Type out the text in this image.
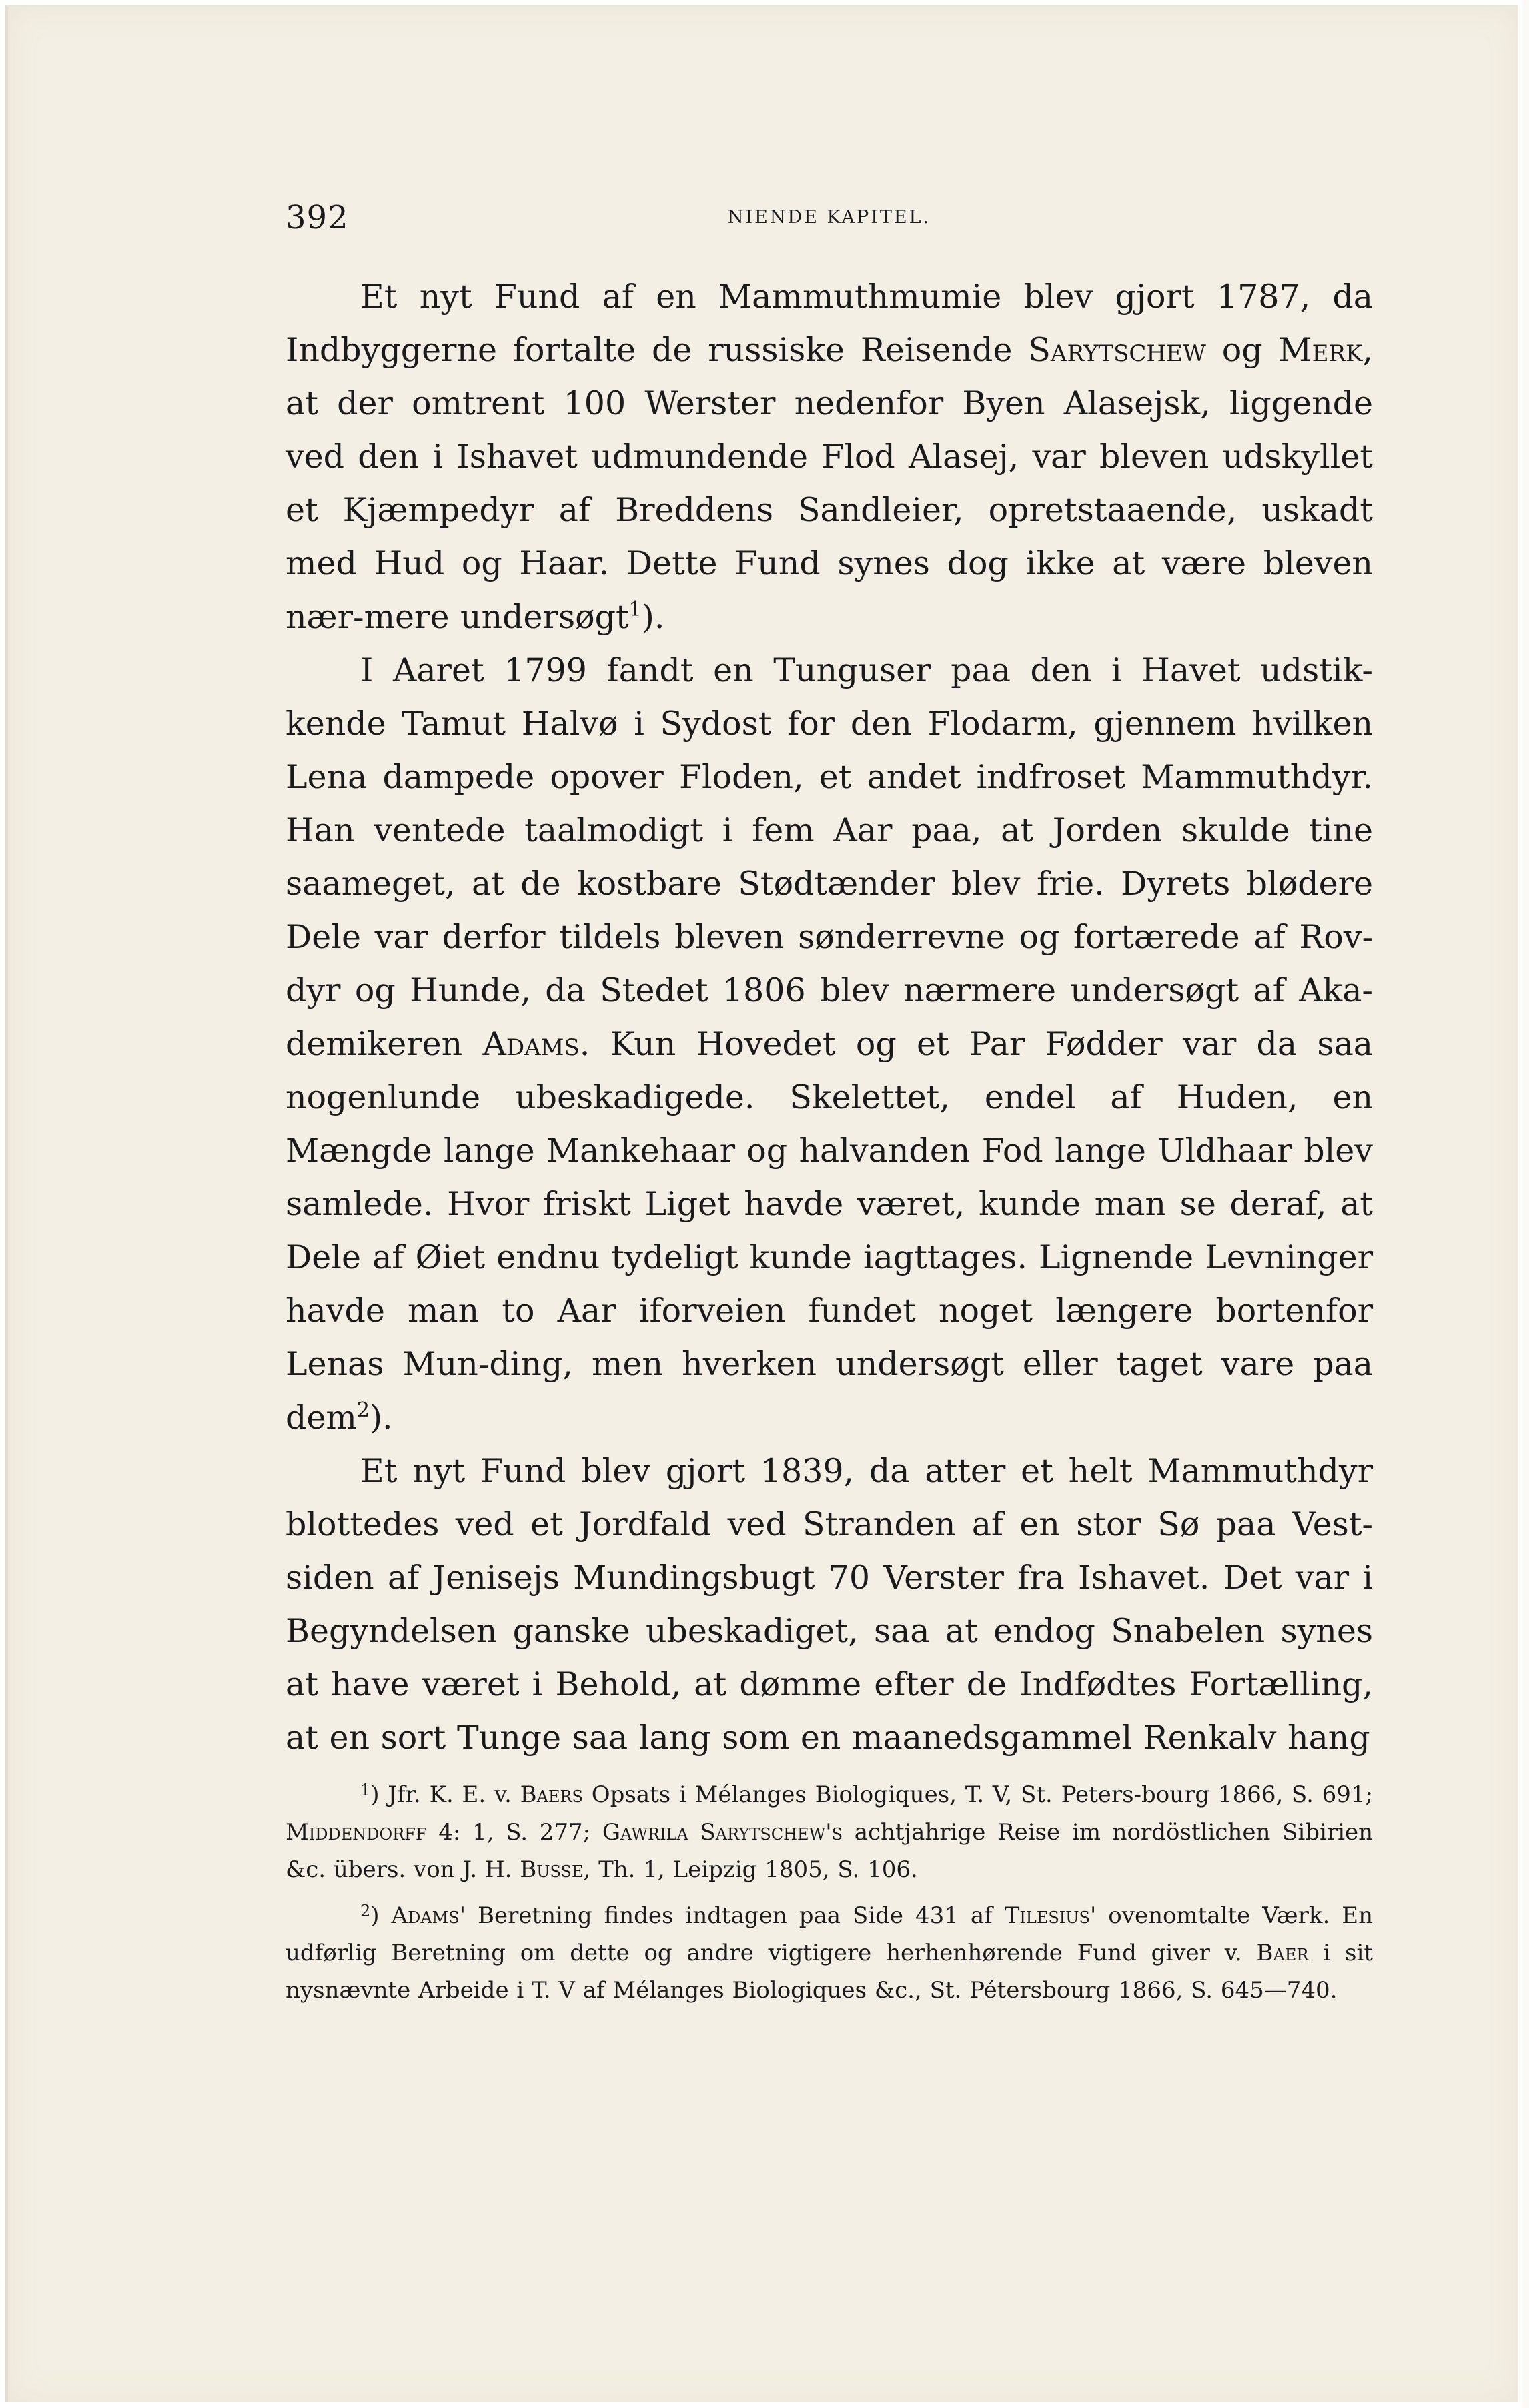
392	NIENDE KAPITEL.

Et nyt Fund af en Mammuthmumie blev gjort 1787, da Indbyggerne fortalte de russiske Reisende Sarytschew og Merk, at der omtrent 100 Werster nedenfor Byen Alasejsk, liggende ved den i Ishavet udmundende Flod Alasej, var bleven udskyllet et Kjæmpedyr af Breddens Sandleier, opretstaaende, uskadt med Hud og Haar. Dette Fund synes dog ikke at være bleven nær-mere undersøgt$^1$).

I Aaret 1799 fandt en Tunguser paa den i Havet udstik-kende Tamut Halvø i Sydost for den Flodarm, gjennem hvilken Lena dampede opover Floden, et andet indfroset Mammuthdyr. Han ventede taalmodigt i fem Aar paa, at Jorden skulde tine saameget, at de kostbare Stødtænder blev frie. Dyrets blødere Dele var derfor tildels bleven sønderrevne og fortærede af Rov-dyr og Hunde, da Stedet 1806 blev nærmere undersøgt af Aka-demikeren Adams. Kun Hovedet og et Par Fødder var da saa nogenlunde ubeskadigede. Skelettet, endel af Huden, en Mængde lange Mankehaar og halvanden Fod lange Uldhaar blev samlede. Hvor friskt Liget havde været, kunde man se deraf, at Dele af Øiet endnu tydeligt kunde iagttages. Lignende Levninger havde man to Aar iforveien fundet noget længere bortenfor Lenas Mun-ding, men hverken undersøgt eller taget vare paa dem$^2$).

Et nyt Fund blev gjort 1839, da atter et helt Mammuthdyr blottedes ved et Jordfald ved Stranden af en stor Sø paa Vest-siden af Jenisejs Mundingsbugt 70 Verster fra Ishavet. Det var i Begyndelsen ganske ubeskadiget, saa at endog Snabelen synes at have været i Behold, at dømme efter de Indfødtes Fortælling, at en sort Tunge saa lang som en maanedsgammel Renkalv hang

$^1$) Jfr. K. E. v. Baers Opsats i Mélanges Biologiques, T. V, St. Peters-bourg 1866, S. 691; Middendorff 4: 1, S. 277; Gawrila Sarytschew's achtjahrige Reise im nordöstlichen Sibirien &c. übers. von J. H. Busse, Th. 1, Leipzig 1805, S. 106.

$^2$) Adams' Beretning findes indtagen paa Side 431 af Tilesius' ovenomtalte Værk. En udførlig Beretning om dette og andre vigtigere herhenhørende Fund giver v. Baer i sit nysnævnte Arbeide i T. V af Mélanges Biologiques &c., St. Pétersbourg 1866, S. 645—740.
